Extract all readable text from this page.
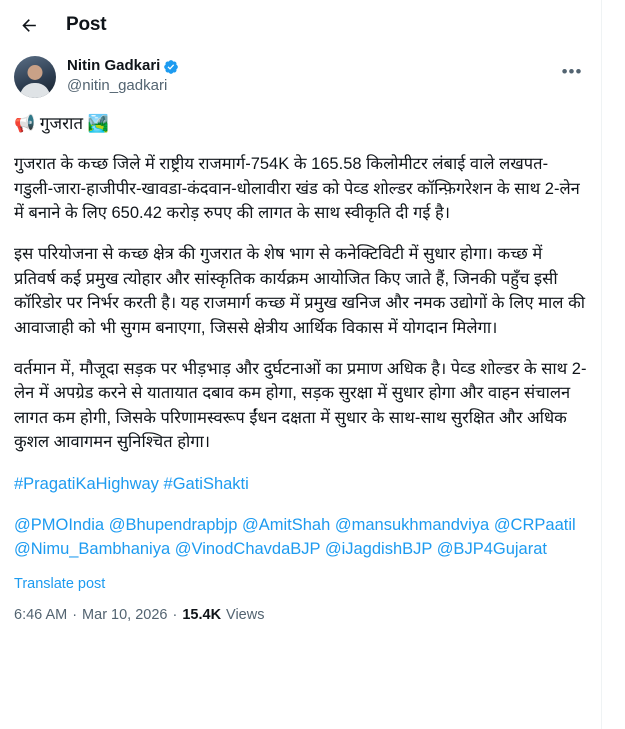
Post
Nitin Gadkari
@nitin_gadkari
•••
📢 गुजरात 🏞️

गुजरात के कच्छ जिले में राष्ट्रीय राजमार्ग-754K के 165.58 किलोमीटर लंबाई वाले लखपत-गडुली-जारा-हाजीपीर-खावडा-कंदवान-धोलावीरा खंड को पेव्ड शोल्डर कॉन्फ़िगरेशन के साथ 2-लेन में बनाने के लिए 650.42 करोड़ रुपए की लागत के साथ स्वीकृति दी गई है।

इस परियोजना से कच्छ क्षेत्र की गुजरात के शेष भाग से कनेक्टिविटी में सुधार होगा। कच्छ में प्रतिवर्ष कई प्रमुख त्योहार और सांस्कृतिक कार्यक्रम आयोजित किए जाते हैं, जिनकी पहुँच इसी कॉरिडोर पर निर्भर करती है। यह राजमार्ग कच्छ में प्रमुख खनिज और नमक उद्योगों के लिए माल की आवाजाही को भी सुगम बनाएगा, जिससे क्षेत्रीय आर्थिक विकास में योगदान मिलेगा।

वर्तमान में, मौजूदा सड़क पर भीड़भाड़ और दुर्घटनाओं का प्रमाण अधिक है। पेव्ड शोल्डर के साथ 2-लेन में अपग्रेड करने से यातायात दबाव कम होगा, सड़क सुरक्षा में सुधार होगा और वाहन संचालन लागत कम होगी, जिसके परिणामस्वरूप ईंधन दक्षता में सुधार के साथ-साथ सुरक्षित और अधिक कुशल आवागमन सुनिश्चित होगा।

#PragatiKaHighway #GatiShakti

@PMOIndia @Bhupendrapbjp @AmitShah @mansukhmandviya @CRPaatil @Nimu_Bambhaniya @VinodChavdaBJP @iJagdishBJP @BJP4Gujarat

Translate post
6:46 AM · Mar 10, 2026 · 15.4K Views
